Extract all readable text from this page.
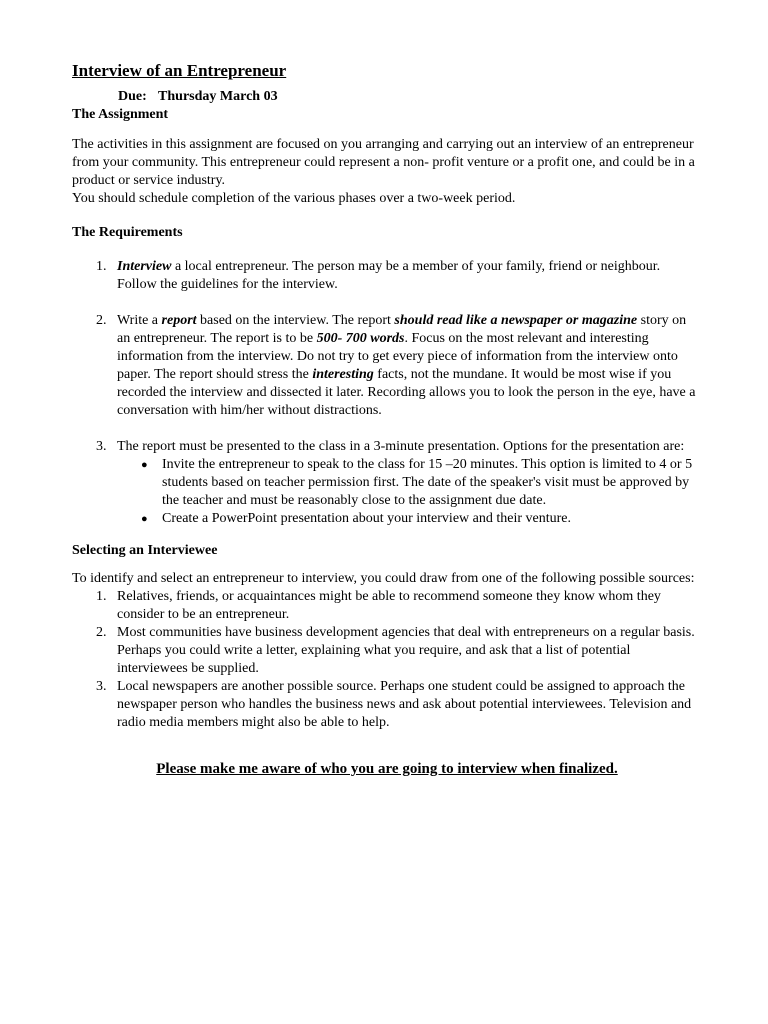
Interview of an Entrepreneur

Due: Thursday March 03

The Assignment

The activities in this assignment are focused on you arranging and carrying out an interview of an entrepreneur from your community. This entrepreneur could represent a non- profit venture or a profit one, and could be in a product or service industry.

You should schedule completion of the various phases over a two-week period.

The Requirements

1. Interview a local entrepreneur. The person may be a member of your family, friend or neighbour. Follow the guidelines for the interview.
2. Write a report based on the interview. The report should read like a newspaper or magazine story on an entrepreneur. The report is to be 500- 700 words. Focus on the most relevant and interesting information from the interview. Do not try to get every piece of information from the interview onto paper. The report should stress the interesting facts, not the mundane. It would be most wise if you recorded the interview and dissected it later. Recording allows you to look the person in the eye, have a conversation with him/her without distractions.
3. The report must be presented to the class in a 3-minute presentation. Options for the presentation are:
● Invite the entrepreneur to speak to the class for 15 –20 minutes. This option is limited to 4 or 5 students based on teacher permission first. The date of the speaker's visit must be approved by the teacher and must be reasonably close to the assignment due date.
● Create a PowerPoint presentation about your interview and their venture.

Selecting an Interviewee

To identify and select an entrepreneur to interview, you could draw from one of the following possible sources:

1. Relatives, friends, or acquaintances might be able to recommend someone they know whom they consider to be an entrepreneur.
2. Most communities have business development agencies that deal with entrepreneurs on a regular basis. Perhaps you could write a letter, explaining what you require, and ask that a list of potential interviewees be supplied.
3. Local newspapers are another possible source. Perhaps one student could be assigned to approach the newspaper person who handles the business news and ask about potential interviewees. Television and radio media members might also be able to help.

Please make me aware of who you are going to interview when finalized.
